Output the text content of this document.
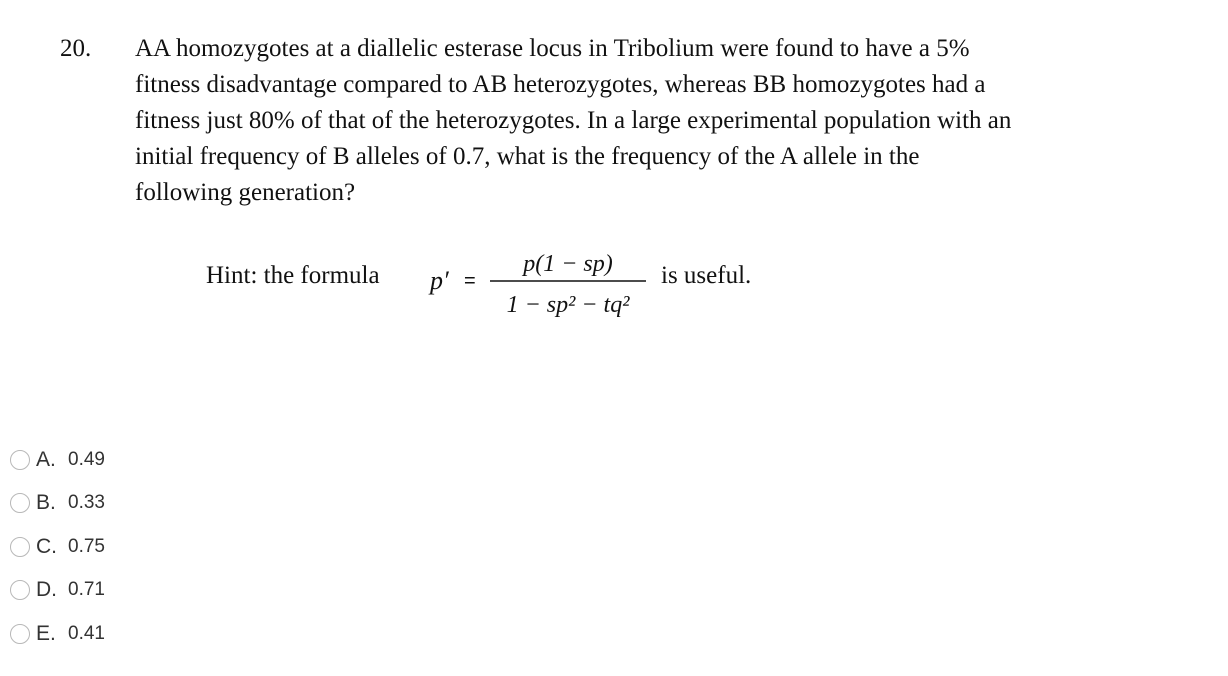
20. AA homozygotes at a diallelic esterase locus in Tribolium were found to have a 5%
fitness disadvantage compared to AB heterozygotes, whereas BB homozygotes had a
fitness just 80% of that of the heterozygotes. In a large experimental population with an
initial frequency of B alleles of 0.7, what is the frequency of the A allele in the
following generation?
Hint: the formula p′ =
p(1 − sp)
1 − sp² − tq²
is useful.
A. 0.49
B. 0.33
C. 0.75
D. 0.71
E. 0.41
